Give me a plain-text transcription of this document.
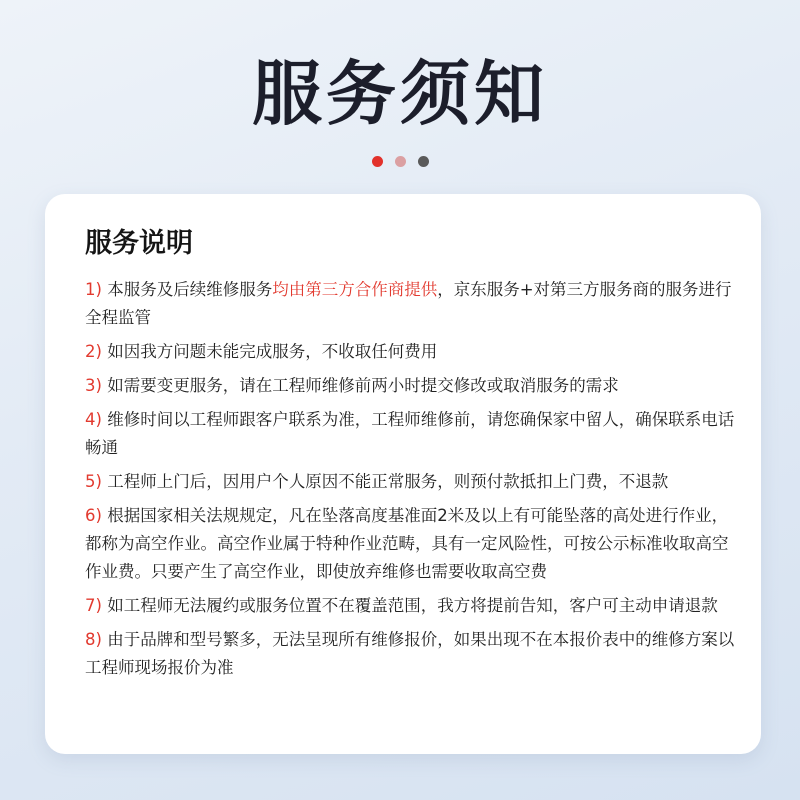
服务须知
服务说明
1) 本服务及后续维修服务均由第三方合作商提供，京东服务+对第三方服务商的服务进行全程监管
2) 如因我方问题未能完成服务，不收取任何费用
3) 如需要变更服务，请在工程师维修前两小时提交修改或取消服务的需求
4) 维修时间以工程师跟客户联系为准，工程师维修前，请您确保家中留人，确保联系电话畅通
5) 工程师上门后，因用户个人原因不能正常服务，则预付款抵扣上门费，不退款
6) 根据国家相关法规规定，凡在坠落高度基准面2米及以上有可能坠落的高处进行作业，都称为高空作业。高空作业属于特种作业范畴，具有一定风险性，可按公示标准收取高空作业费。只要产生了高空作业，即使放弃维修也需要收取高空费
7) 如工程师无法履约或服务位置不在覆盖范围，我方将提前告知，客户可主动申请退款
8) 由于品牌和型号繁多，无法呈现所有维修报价，如果出现不在本报价表中的维修方案以工程师现场报价为准
